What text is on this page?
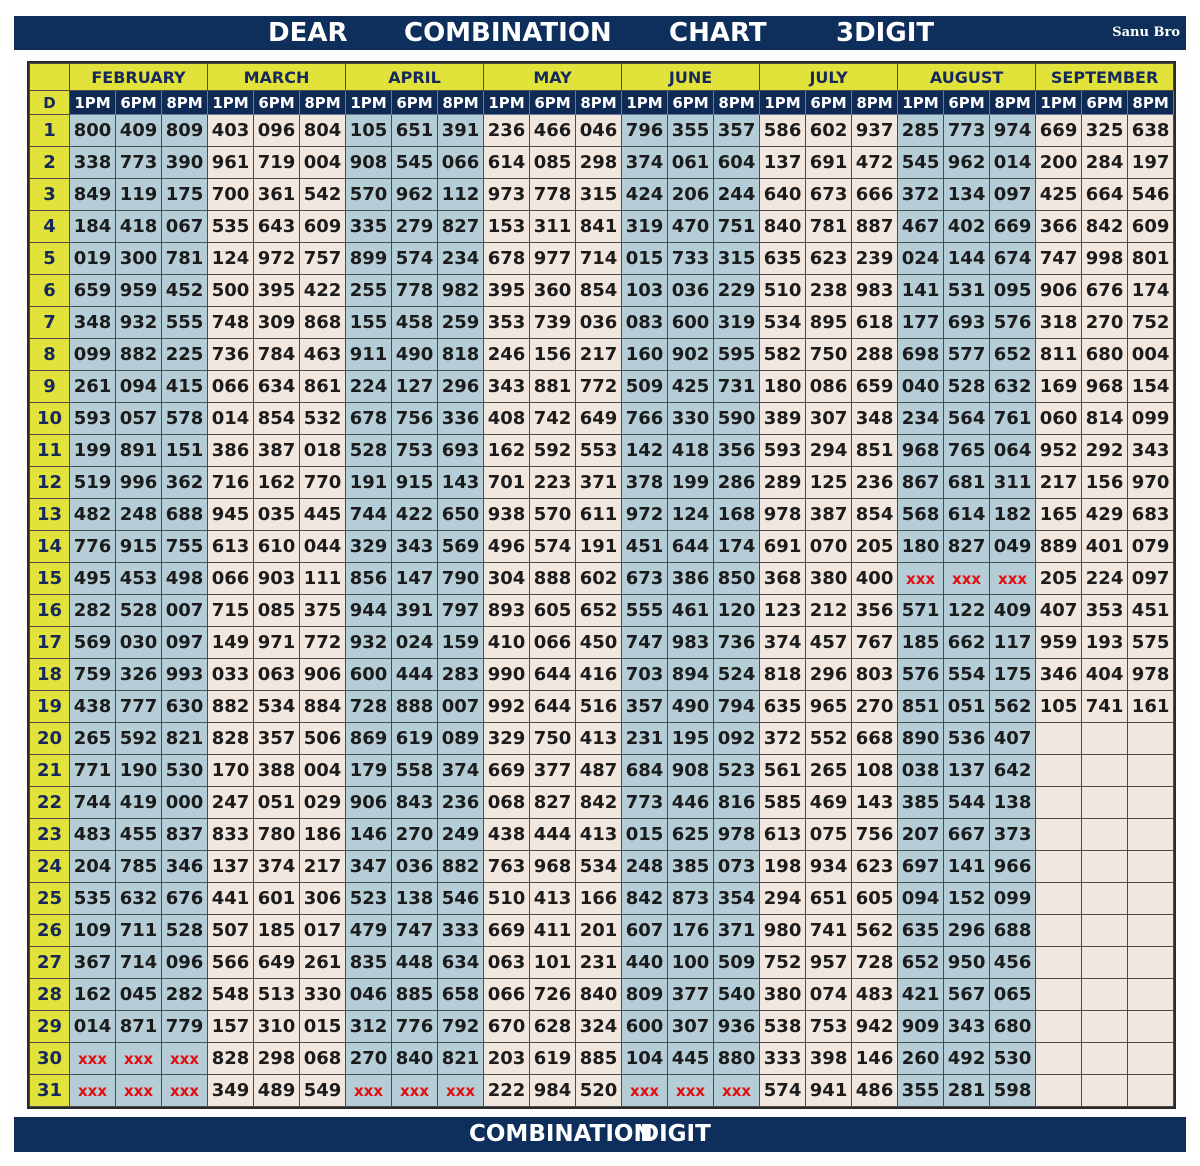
DEAR COMBINATION CHART	3DIGIT	Sanu Bro
	FEBRUARY			MARCH			APRIL			MAY			JUNE			JULY			AUGUST			SEPTEMBER		
D	1PM	6PM	8PM	1PM	6PM	8PM	1PM	6PM	8PM	1PM	6PM	8PM	1PM	6PM	8PM	1PM	6PM	8PM	1PM	6PM	8PM	1PM	6PM	8PM
1	800	409	809	403	096	804	105	651	391	236	466	046	796	355	357	586	602	937	285	773	974	669	325	638
2	338	773	390	961	719	004	908	545	066	614	085	298	374	061	604	137	691	472	545	962	014	200	284	197
3	849	119	175	700	361	542	570	962	112	973	778	315	424	206	244	640	673	666	372	134	097	425	664	546
4	184	418	067	535	643	609	335	279	827	153	311	841	319	470	751	840	781	887	467	402	669	366	842	609
5	019	300	781	124	972	757	899	574	234	678	977	714	015	733	315	635	623	239	024	144	674	747	998	801
6	659	959	452	500	395	422	255	778	982	395	360	854	103	036	229	510	238	983	141	531	095	906	676	174
7	348	932	555	748	309	868	155	458	259	353	739	036	083	600	319	534	895	618	177	693	576	318	270	752
8	099	882	225	736	784	463	911	490	818	246	156	217	160	902	595	582	750	288	698	577	652	811	680	004
9	261	094	415	066	634	861	224	127	296	343	881	772	509	425	731	180	086	659	040	528	632	169	968	154
10	593	057	578	014	854	532	678	756	336	408	742	649	766	330	590	389	307	348	234	564	761	060	814	099
11	199	891	151	386	387	018	528	753	693	162	592	553	142	418	356	593	294	851	968	765	064	952	292	343
12	519	996	362	716	162	770	191	915	143	701	223	371	378	199	286	289	125	236	867	681	311	217	156	970
13	482	248	688	945	035	445	744	422	650	938	570	611	972	124	168	978	387	854	568	614	182	165	429	683
14	776	915	755	613	610	044	329	343	569	496	574	191	451	644	174	691	070	205	180	827	049	889	401	079
15	495	453	498	066	903	111	856	147	790	304	888	602	673	386	850	368	380	400	xxx	xxx	xxx	205	224	097
16	282	528	007	715	085	375	944	391	797	893	605	652	555	461	120	123	212	356	571	122	409	407	353	451
17	569	030	097	149	971	772	932	024	159	410	066	450	747	983	736	374	457	767	185	662	117	959	193	575
18	759	326	993	033	063	906	600	444	283	990	644	416	703	894	524	818	296	803	576	554	175	346	404	978
19	438	777	630	882	534	884	728	888	007	992	644	516	357	490	794	635	965	270	851	051	562	105	741	161
20	265	592	821	828	357	506	869	619	089	329	750	413	231	195	092	372	552	668	890	536	407			
21	771	190	530	170	388	004	179	558	374	669	377	487	684	908	523	561	265	108	038	137	642			
22	744	419	000	247	051	029	906	843	236	068	827	842	773	446	816	585	469	143	385	544	138			
23	483	455	837	833	780	186	146	270	249	438	444	413	015	625	978	613	075	756	207	667	373			
24	204	785	346	137	374	217	347	036	882	763	968	534	248	385	073	198	934	623	697	141	966			
25	535	632	676	441	601	306	523	138	546	510	413	166	842	873	354	294	651	605	094	152	099			
26	109	711	528	507	185	017	479	747	333	669	411	201	607	176	371	980	741	562	635	296	688			
27	367	714	096	566	649	261	835	448	634	063	101	231	440	100	509	752	957	728	652	950	456			
28	162	045	282	548	513	330	046	885	658	066	726	840	809	377	540	380	074	483	421	567	065			
29	014	871	779	157	310	015	312	776	792	670	628	324	600	307	936	538	753	942	909	343	680			
30	xxx	xxx	xxx	828	298	068	270	840	821	203	619	885	104	445	880	333	398	146	260	492	530			
31	xxx	xxx	xxx	349	489	549	xxx	xxx	xxx	222	984	520	xxx	xxx	xxx	574	941	486	355	281	598			
COMBINATION
DIGIT
